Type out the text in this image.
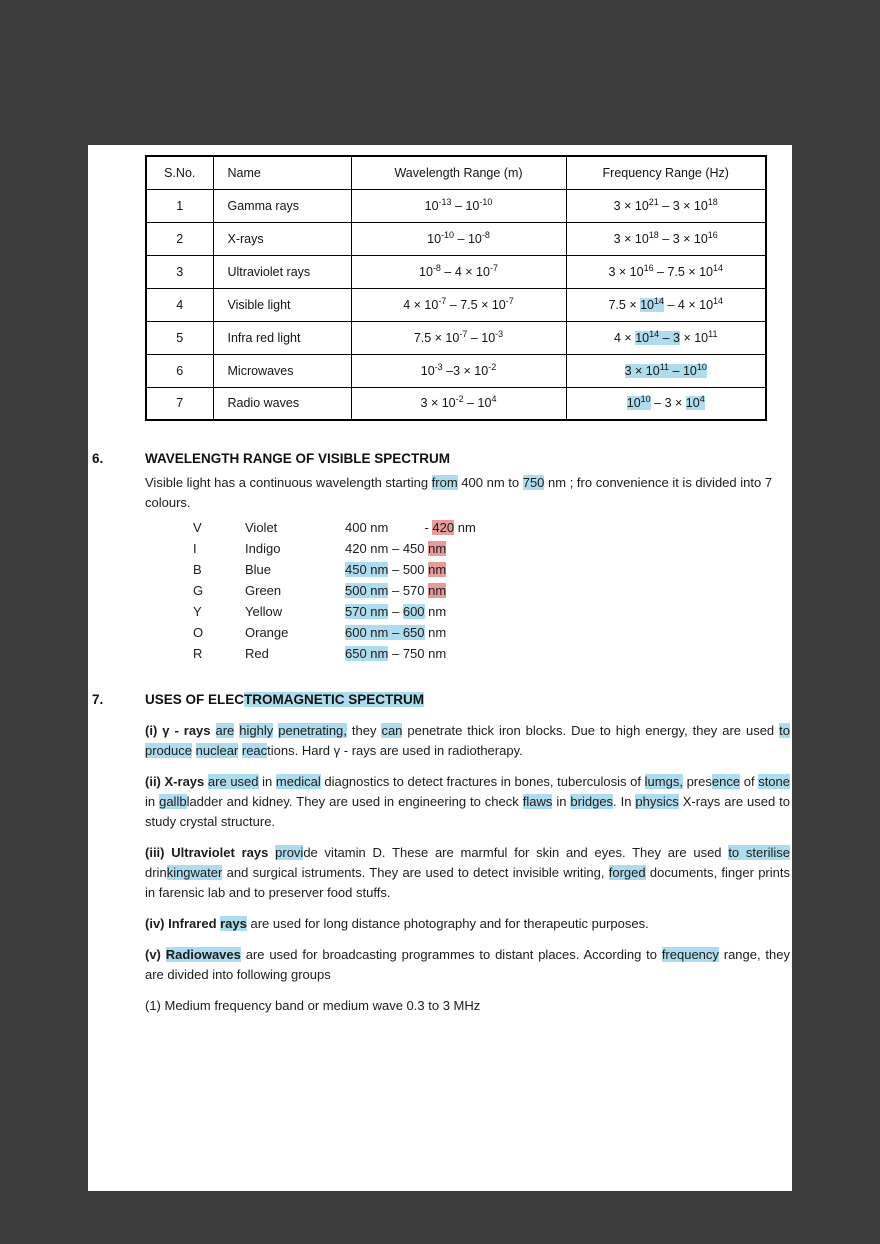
S.No.	Name	Wavelength Range (m)	Frequency Range (Hz)
1	Gamma rays	$10^{-13} - 10^{-10}$	$3 \times 10^{21} - 3 \times 10^{18}$
2	X-rays	$10^{-10} - 10^{-8}$	$3 \times 10^{18} - 3 \times 10^{16}$
3	Ultraviolet rays	$10^{-8} - 4 \times 10^{-7}$	$3 \times 10^{16} - 7.5 \times 10^{14}$
4	Visible light	$4 \times 10^{-7} - 7.5 \times 10^{-7}$	$7.5 \times 10^{14} - 4 \times 10^{14}$
5	Infra red light	$7.5 \times 10^{-7} - 10^{-3}$	$4 \times 10^{14} - 3 \times 10^{11}$
6	Microwaves	$10^{-3}$ $-3 \times 10^{-2}$	$3 \times 10^{11} - 10^{10}$
7	Radio waves	$3 \times 10^{-2} - 10^4$	$10^{10} - 3 \times 10^4$
6.	WAVELENGTH RANGE OF VISIBLE SPECTRUM

Visible light has a continuous wavelength starting from 400 nm to 750 nm ; fro convenience it is divided into 7 colours.

V	Violet	400 nm          - 420 nm
I	Indigo	420 nm – 450 nm
B	Blue	450 nm – 500 nm
G	Green	500 nm – 570 nm
Y	Yellow	570 nm – 600 nm
O	Orange	600 nm – 650 nm
R	Red	650 nm – 750 nm
7.	USES OF ELECTROMAGNETIC SPECTRUM

(i) γ - rays are highly penetrating, they can penetrate thick iron blocks. Due to high energy, they are used to produce nuclear reactions. Hard γ - rays are used in radiotherapy.

(ii) X-rays are used in medical diagnostics to detect fractures in bones, tuberculosis of lumgs, presence of stone in gallbladder and kidney. They are used in engineering to check flaws in bridges. In physics X-rays are used to study crystal structure.

(iii) Ultraviolet rays provide vitamin D. These are marmful for skin and eyes. They are used to sterilise drinkingwater and surgical istruments. They are used to detect invisible writing, forged documents, finger prints in farensic lab and to preserver food stuffs.

(iv) Infrared rays are used for long distance photography and for therapeutic purposes.

(v) Radiowaves are used for broadcasting programmes to distant places. According to frequency range, they are divided into following groups

(1) Medium frequency band or medium wave 0.3 to 3 MHz
